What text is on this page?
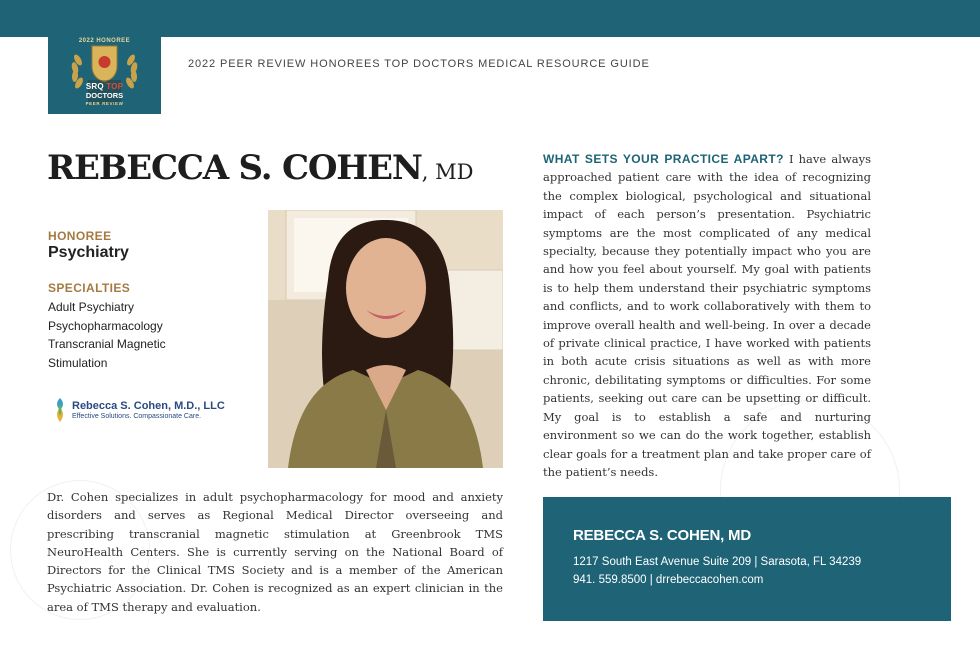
2022 HONOREE
SRQ TOP
DOCTORS
PEER REVIEW
2022 PEER REVIEW HONOREES TOP DOCTORS MEDICAL RESOURCE GUIDE
REBECCA S. COHEN, MD
HONOREE
Psychiatry
SPECIALTIES
Adult Psychiatry
Psychopharmacology
Transcranial Magnetic
Stimulation
Rebecca S. Cohen, M.D., LLC
Effective Solutions. Compassionate Care.

Dr. Cohen specializes in adult psychopharmacology for mood and anxiety disorders and serves as Regional Medical Director overseeing and prescribing transcranial magnetic stimulation at Greenbrook TMS NeuroHealth Centers. She is currently serving on the National Board of Directors for the Clinical TMS Society and is a member of the American Psychiatric Association. Dr. Cohen is recognized as an expert clinician in the area of TMS therapy and evaluation.

WHAT SETS YOUR PRACTICE APART? I have always approached patient care with the idea of recognizing the complex biological, psychological and situational impact of each person’s presentation. Psychiatric symptoms are the most complicated of any medical specialty, because they potentially impact who you are and how you feel about yourself. My goal with patients is to help them understand their psychiatric symptoms and conflicts, and to work collaboratively with them to improve overall health and well-being. In over a decade of private clinical practice, I have worked with patients in both acute crisis situations as well as with more chronic, debilitating symptoms or difficulties. For some patients, seeking out care can be upsetting or difficult. My goal is to establish a safe and nurturing environment so we can do the work together, establish clear goals for a treatment plan and take proper care of the patient’s needs.

REBECCA S. COHEN, MD
1217 South East Avenue Suite 209 | Sarasota, FL 34239
941. 559.8500 | drrebeccacohen.com
